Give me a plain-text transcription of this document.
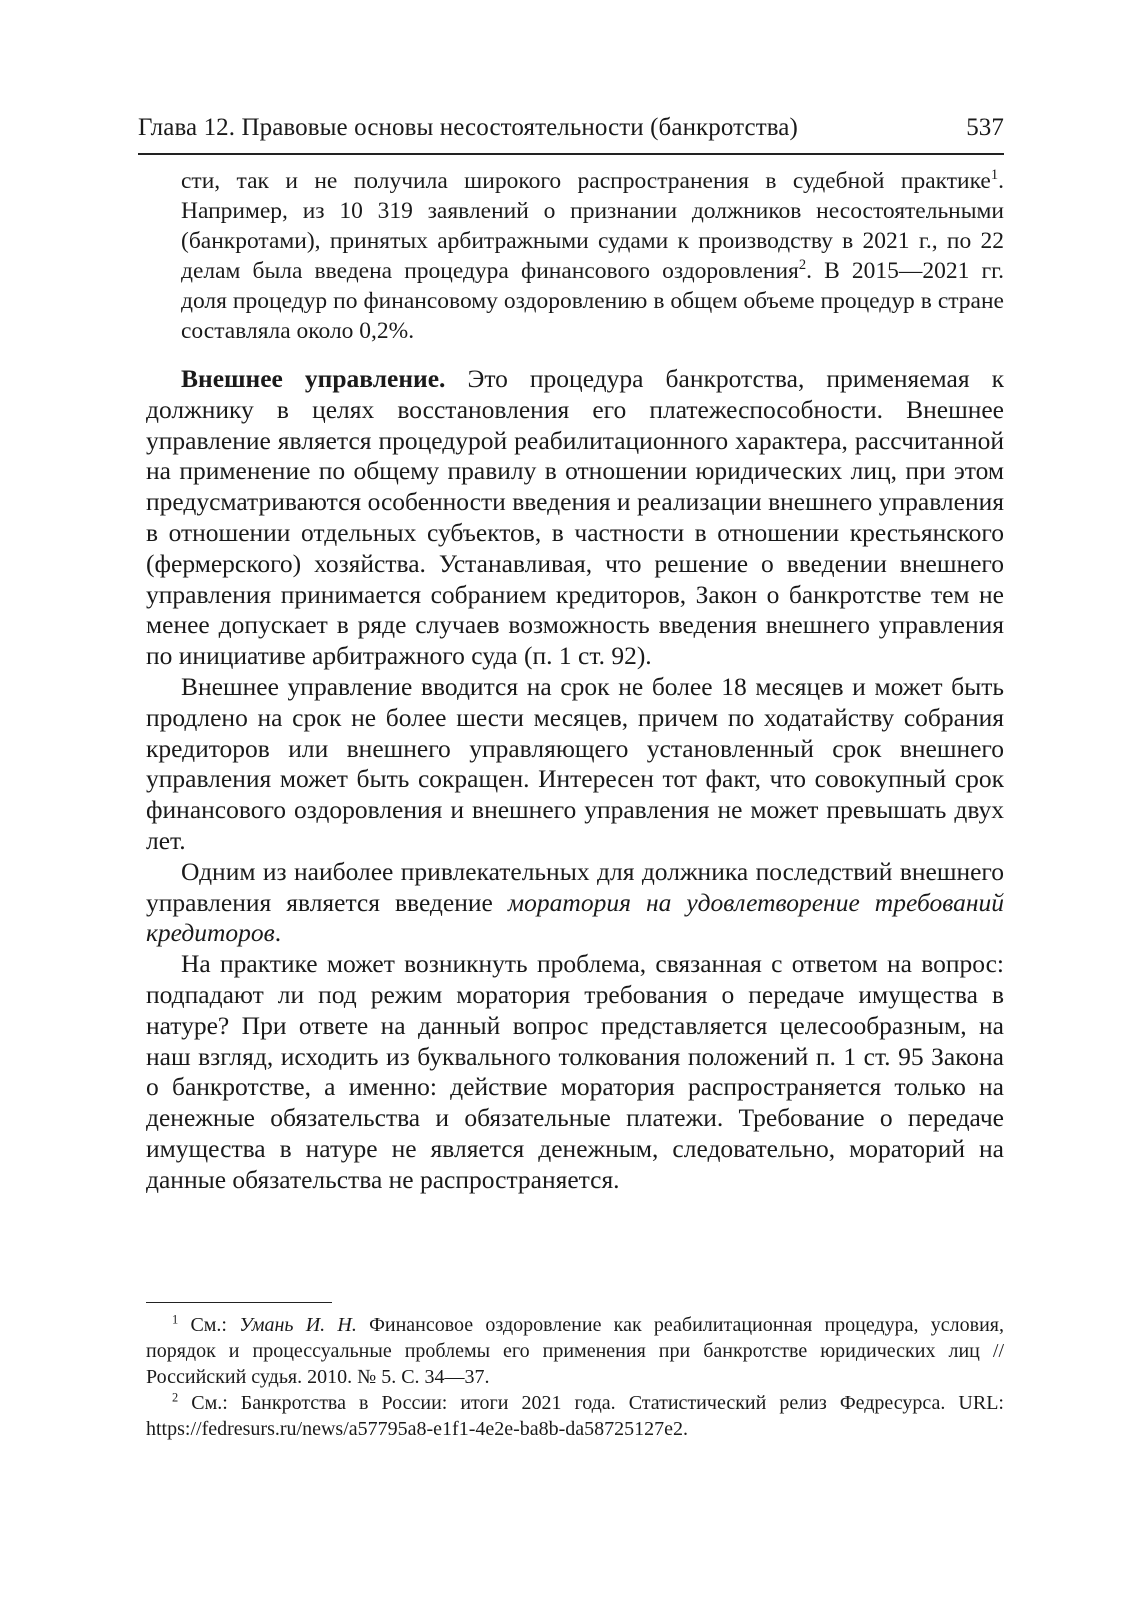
Глава 12. Правовые основы несостоятельности (банкротства)	537

сти, так и не получила широкого распространения в судебной практике$^1$. Например, из 10 319 заявлений о признании должников несостоятельными (банкротами), принятых арбитражными судами к производству в 2021 г., по 22 делам была введена процедура финансового оздоровления$^2$. В 2015—2021 гг. доля процедур по финансовому оздоровлению в общем объеме процедур в стране составляла около 0,2%.

Внешнее управление. Это процедура банкротства, применяемая к должнику в целях восстановления его платежеспособности. Внешнее управление является процедурой реабилитационного характера, рассчитанной на применение по общему правилу в отношении юридических лиц, при этом предусматриваются особенности введения и реализации внешнего управления в отношении отдельных субъектов, в частности в отношении крестьянского (фермерского) хозяйства. Устанавливая, что решение о введении внешнего управления принимается собранием кредиторов, Закон о банкротстве тем не менее допускает в ряде случаев возможность введения внешнего управления по инициативе арбитражного суда (п. 1 ст. 92).

Внешнее управление вводится на срок не более 18 месяцев и может быть продлено на срок не более шести месяцев, причем по ходатайству собрания кредиторов или внешнего управляющего установленный срок внешнего управления может быть сокращен. Интересен тот факт, что совокупный срок финансового оздоровления и внешнего управления не может превышать двух лет.

Одним из наиболее привлекательных для должника последствий внешнего управления является введение моратория на удовлетворение требований кредиторов.

На практике может возникнуть проблема, связанная с ответом на вопрос: подпадают ли под режим моратория требования о передаче имущества в натуре? При ответе на данный вопрос представляется целесообразным, на наш взгляд, исходить из буквального толкования положений п. 1 ст. 95 Закона о банкротстве, а именно: действие моратория распространяется только на денежные обязательства и обязательные платежи. Требование о передаче имущества в натуре не является денежным, следовательно, мораторий на данные обязательства не распространяется.

$^1$ См.: Умань И. Н. Финансовое оздоровление как реабилитационная процедура, условия, порядок и процессуальные проблемы его применения при банкротстве юридических лиц // Российский судья. 2010. № 5. С. 34—37.

$^2$ См.: Банкротства в России: итоги 2021 года. Статистический релиз Федресурса. URL: https://fedresurs.ru/news/a57795a8-e1f1-4e2e-ba8b-da58725127e2.
